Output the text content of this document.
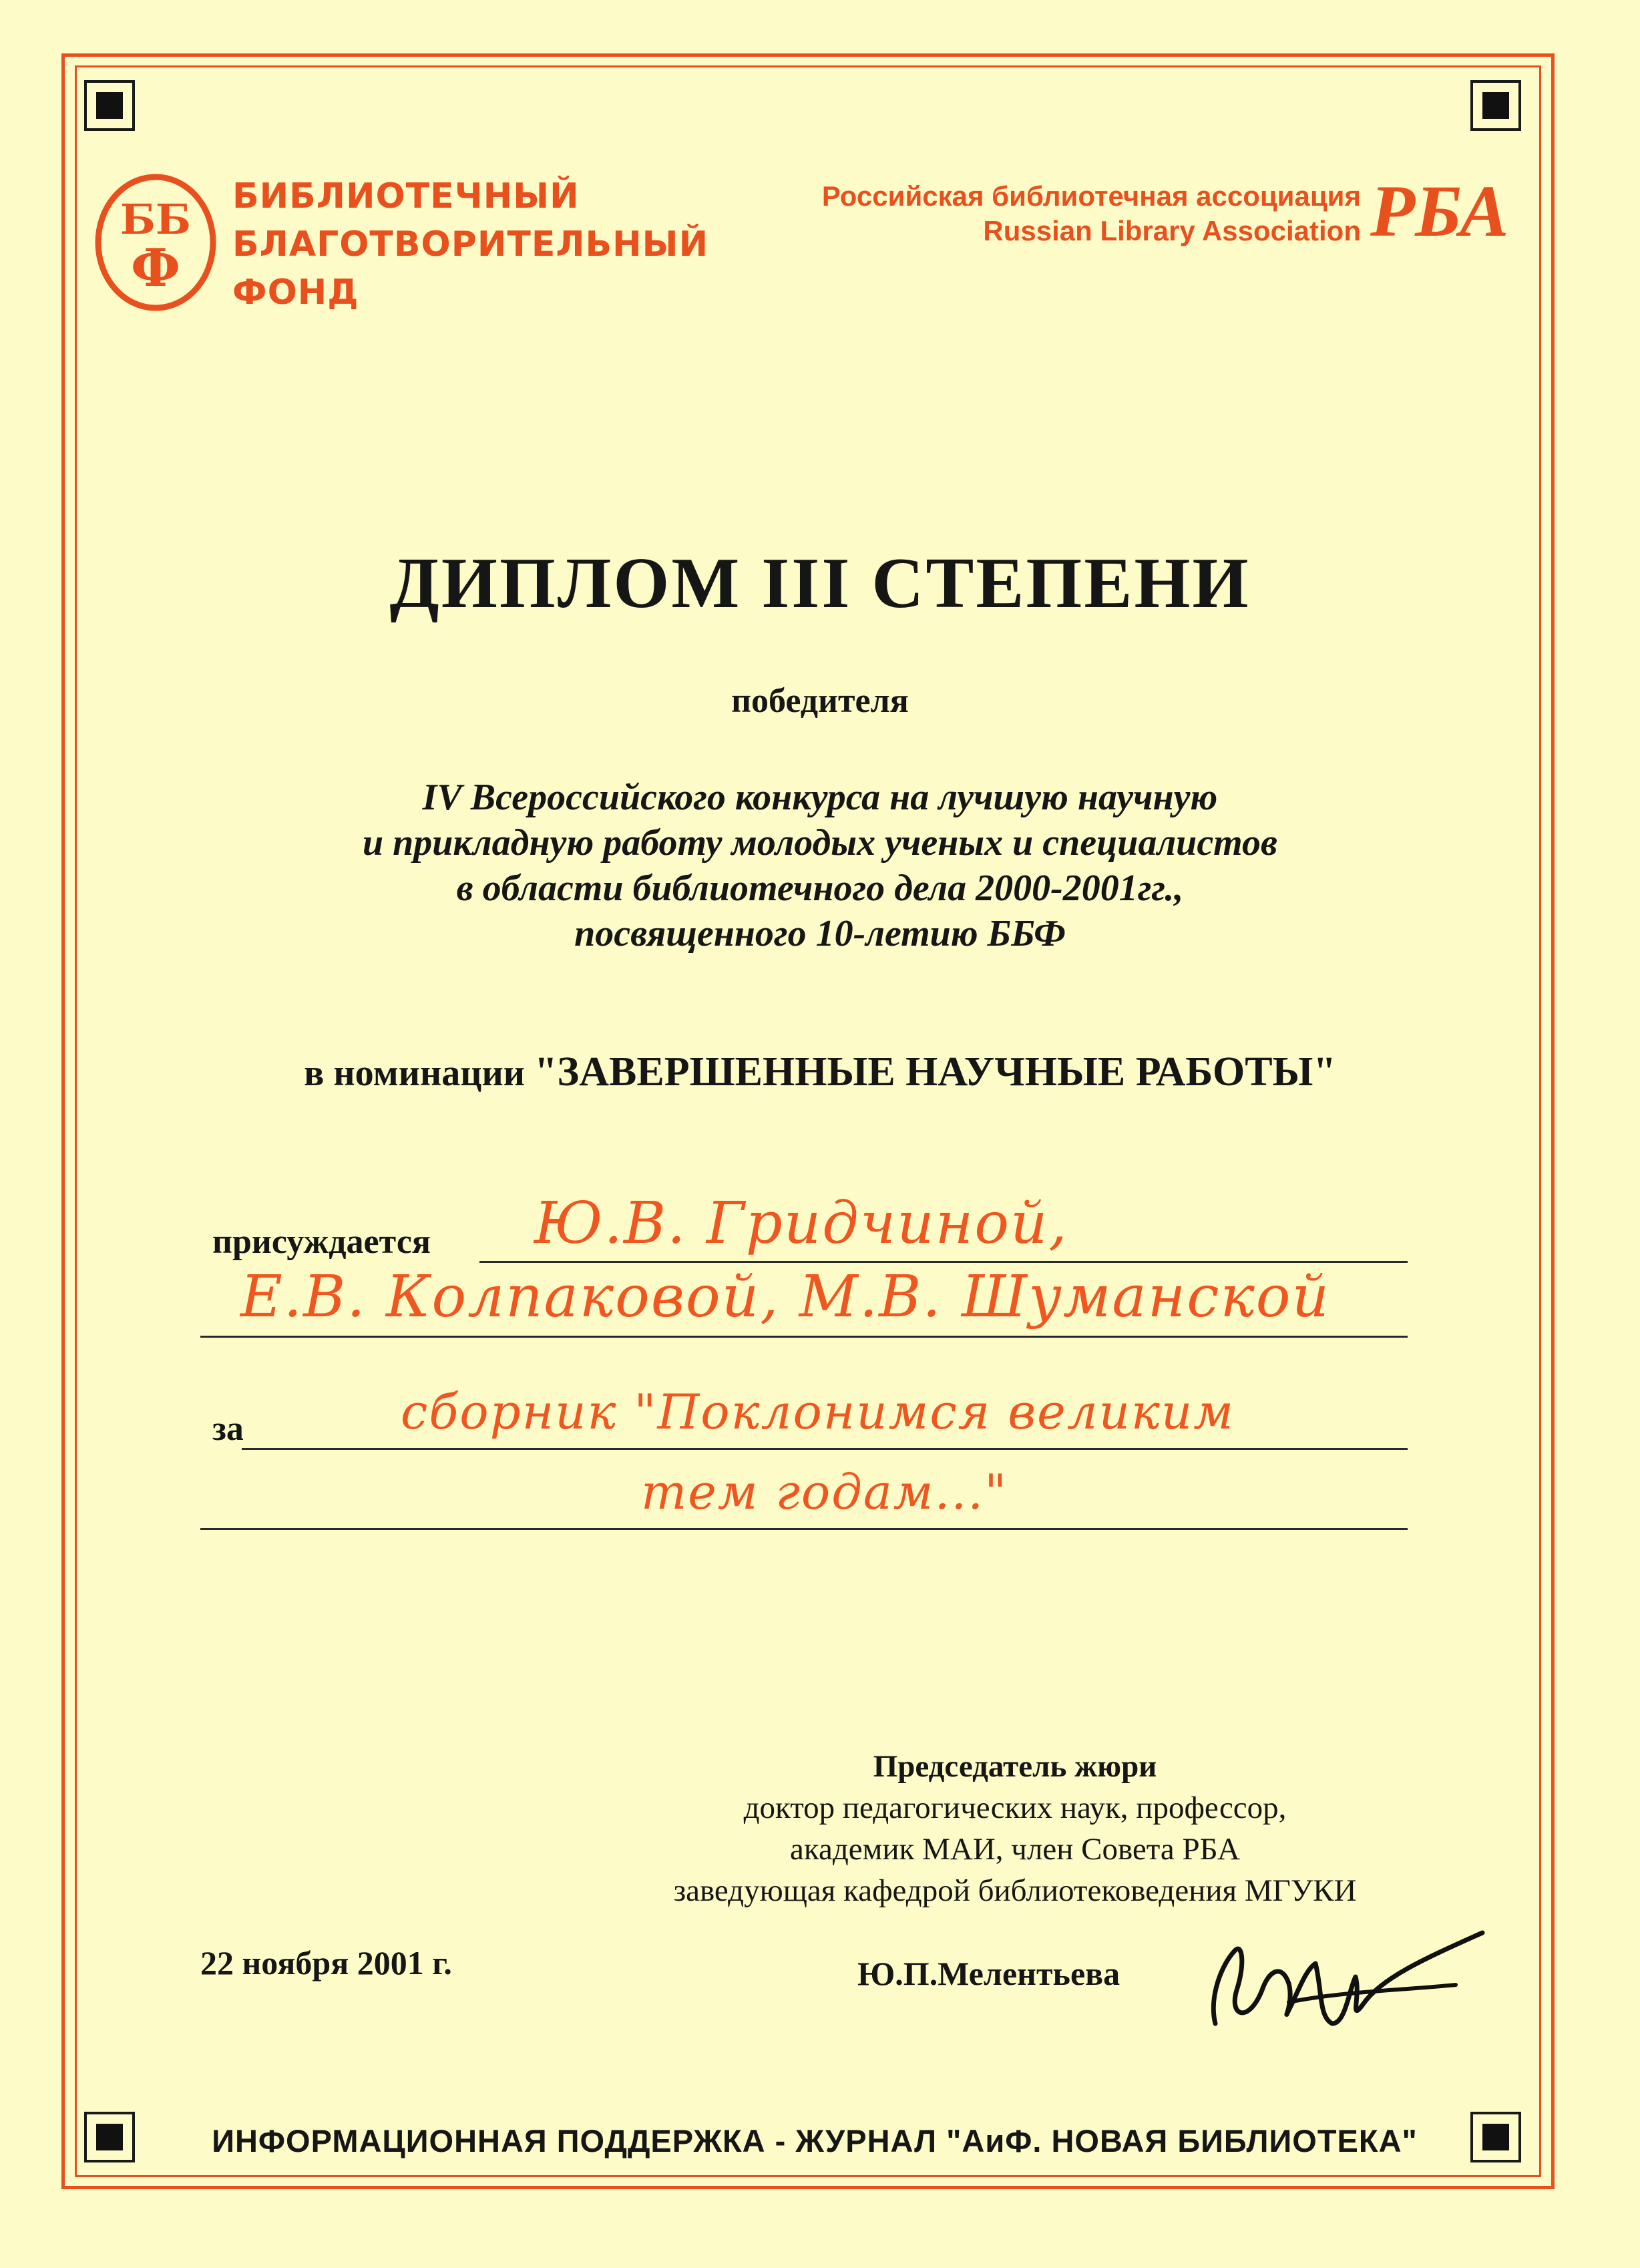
ББ
Ф
БИБЛИОТЕЧНЫЙ
БЛАГОТВОРИТЕЛЬНЫЙ
ФОНД
Российская библиотечная ассоциация
Russian Library Association РБА
ДИПЛОМ III СТЕПЕНИ
победителя
IV Всероссийского конкурса на лучшую научную
и прикладную работу молодых ученых и специалистов
в области библиотечного дела 2000-2001гг.,
посвященного 10-летию ББФ
в номинации "ЗАВЕРШЕННЫЕ НАУЧНЫЕ РАБОТЫ"
присуждается Ю.В. Гридчиной,
Е.В. Колпаковой, М.В. Шуманской
за	сборник "Поклонимся великим
тем годам..."
Председатель жюри
доктор педагогических наук, профессор,
академик МАИ, член Совета РБА
заведующая кафедрой библиотековедения МГУКИ
22 ноября 2001 г.	Ю.П.Мелентьева
ИНФОРМАЦИОННАЯ ПОДДЕРЖКА - ЖУРНАЛ "АиФ. НОВАЯ БИБЛИОТЕКА"
